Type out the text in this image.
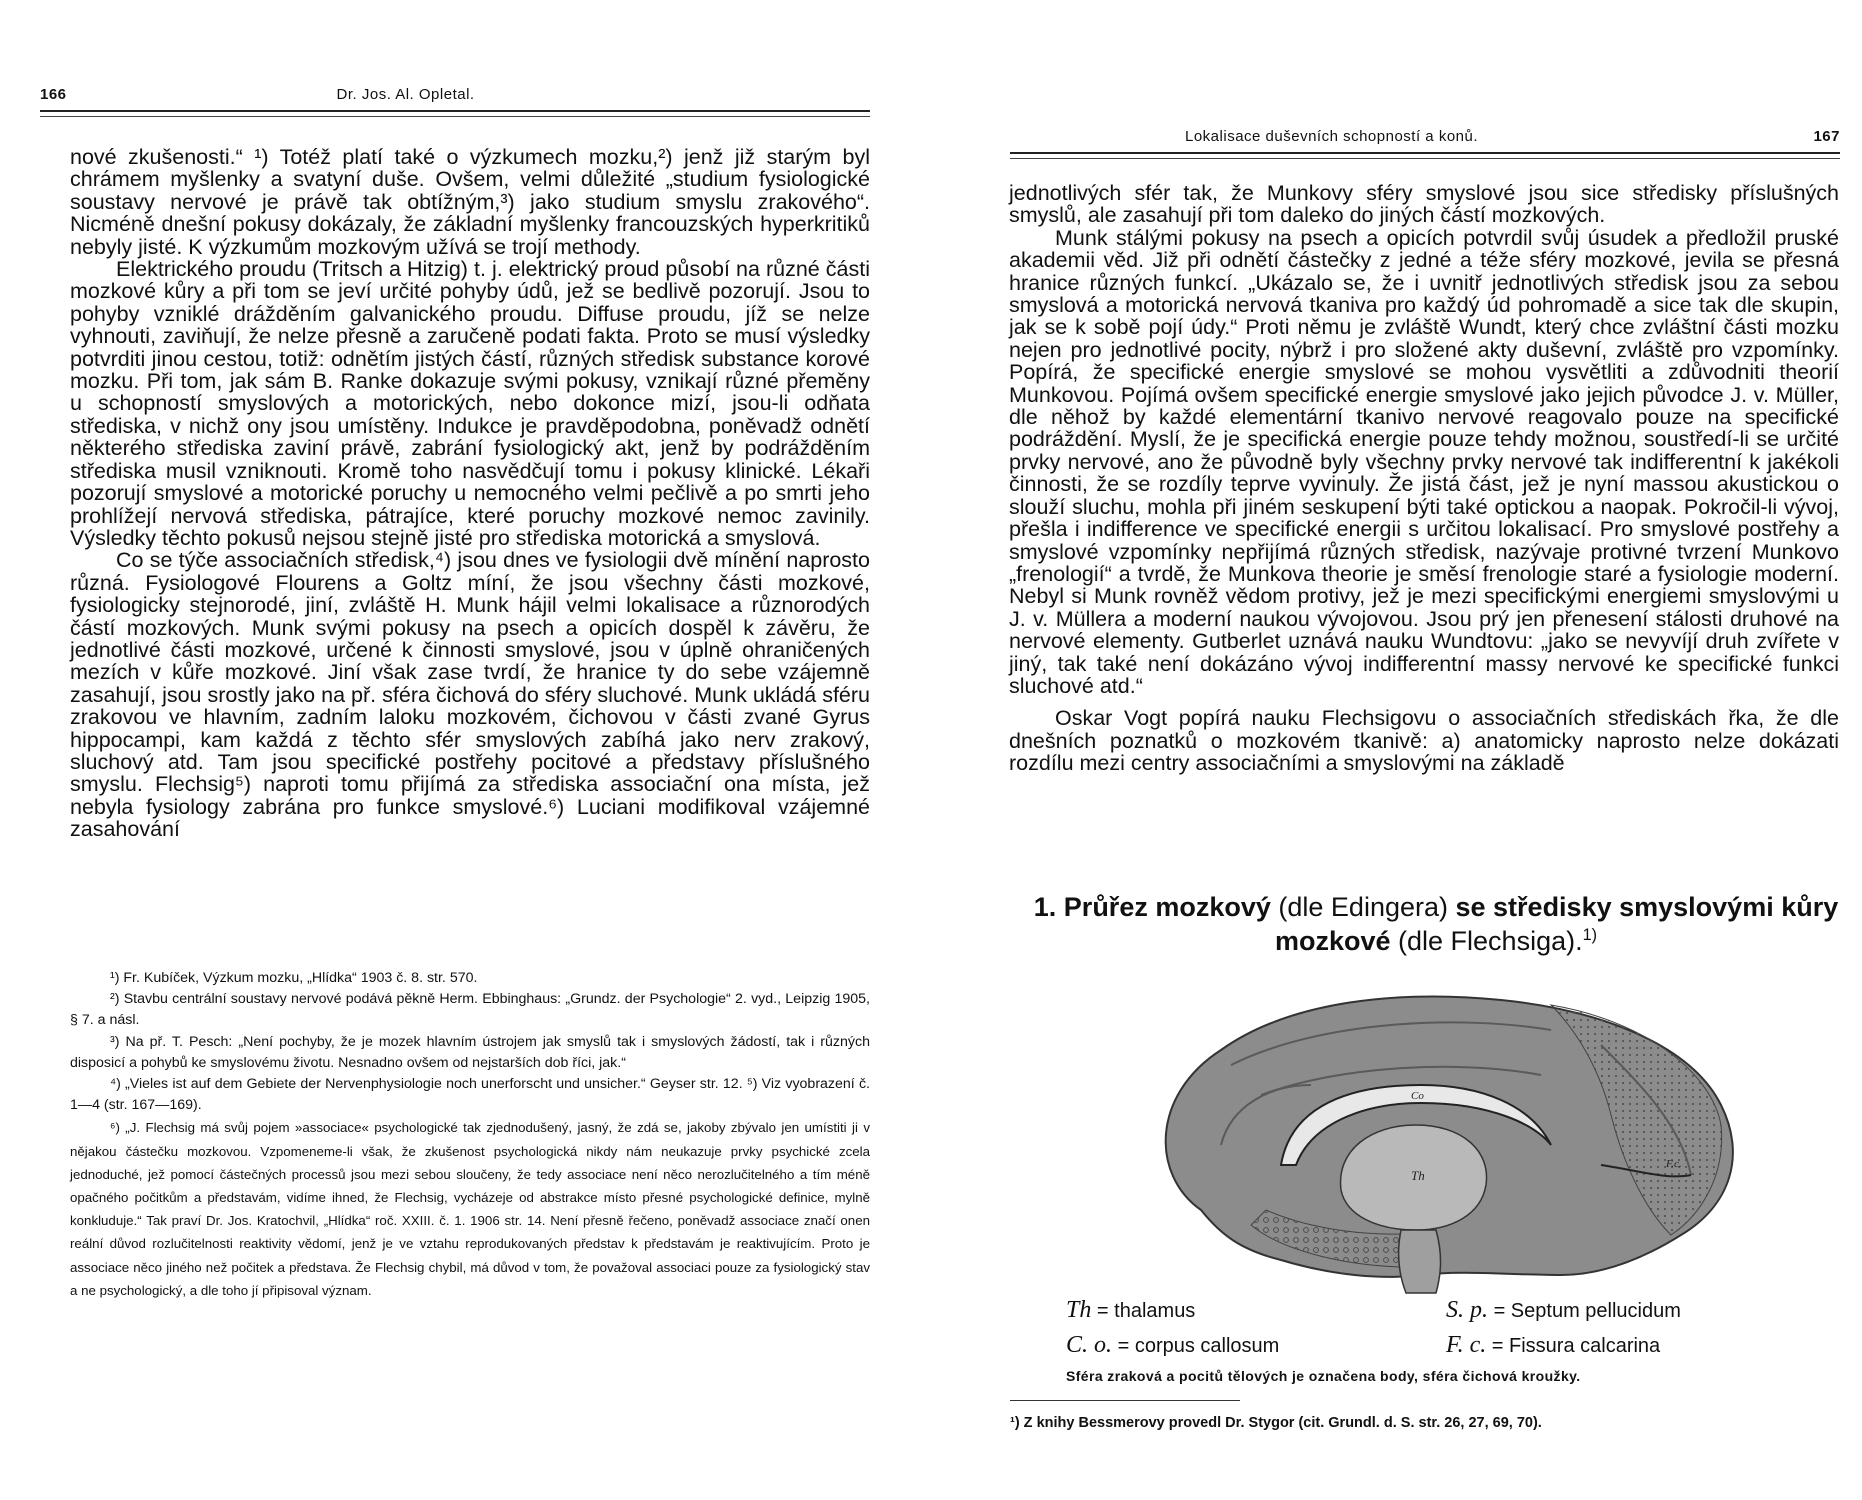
166	Dr. Jos. Al. Opletal.

nové zkušenosti.“ ¹) Totéž platí také o výzkumech mozku,²) jenž již starým byl chrámem myšlenky a svatyní duše. Ovšem, velmi důležité „studium fysiologické soustavy nervové je právě tak obtížným,³) jako studium smyslu zrakového“. Nicméně dnešní pokusy dokázaly, že základní myšlenky francouzských hyperkritiků nebyly jisté. K výzkumům mozkovým užívá se trojí methody.

Elektrického proudu (Tritsch a Hitzig) t. j. elektrický proud působí na různé části mozkové kůry a při tom se jeví určité pohyby údů, jež se bedlivě pozorují. Jsou to pohyby vzniklé drážděním galvanického proudu. Diffuse proudu, jíž se nelze vyhnouti, zaviňují, že nelze přesně a zaručeně podati fakta. Proto se musí výsledky potvrditi jinou cestou, totiž: odnětím jistých částí, různých středisk substance korové mozku. Při tom, jak sám B. Ranke dokazuje svými pokusy, vznikají různé přeměny u schopností smyslových a motorických, nebo dokonce mizí, jsou-li odňata střediska, v nichž ony jsou umístěny. Indukce je pravděpodobna, poněvadž odnětí některého střediska zaviní právě, zabrání fysiologický akt, jenž by podrážděním střediska musil vzniknouti. Kromě toho nasvědčují tomu i pokusy klinické. Lékaři pozorují smyslové a motorické poruchy u nemocného velmi pečlivě a po smrti jeho prohlížejí nervová střediska, pátrajíce, které poruchy mozkové nemoc zavinily. Výsledky těchto pokusů nejsou stejně jisté pro střediska motorická a smyslová.

Co se týče associačních středisk,⁴) jsou dnes ve fysiologii dvě mínění naprosto různá. Fysiologové Flourens a Goltz míní, že jsou všechny části mozkové, fysiologicky stejnorodé, jiní, zvláště H. Munk hájil velmi lokalisace a různorodých částí mozkových. Munk svými pokusy na psech a opicích dospěl k závěru, že jednotlivé části mozkové, určené k činnosti smyslové, jsou v úplně ohraničených mezích v kůře mozkové. Jiní však zase tvrdí, že hranice ty do sebe vzájemně zasahují, jsou srostly jako na př. sféra čichová do sféry sluchové. Munk ukládá sféru zrakovou ve hlavním, zadním laloku mozkovém, čichovou v části zvané Gyrus hippocampi, kam každá z těchto sfér smyslových zabíhá jako nerv zrakový, sluchový atd. Tam jsou specifické postřehy pocitové a představy příslušného smyslu. Flechsig⁵) naproti tomu přijímá za střediska associační ona místa, jež nebyla fysiology zabrána pro funkce smyslové.⁶) Luciani modifikoval vzájemné zasahování

¹) Fr. Kubíček, Výzkum mozku, „Hlídka“ 1903 č. 8. str. 570.

²) Stavbu centrální soustavy nervové podává pěkně Herm. Ebbinghaus: „Grundz. der Psychologie“ 2. vyd., Leipzig 1905, § 7. a násl.

³) Na př. T. Pesch: „Není pochyby, že je mozek hlavním ústrojem jak smyslů tak i smyslových žádostí, tak i různých disposicí a pohybů ke smyslovému životu. Nesnadno ovšem od nejstarších dob říci, jak.“

⁴) „Vieles ist auf dem Gebiete der Nervenphysiologie noch unerforscht und unsicher.“ Geyser str. 12. ⁵) Viz vyobrazení č. 1—4 (str. 167—169).

⁶) „J. Flechsig má svůj pojem »associace« psychologické tak zjednodušený, jasný, že zdá se, jakoby zbývalo jen umístiti ji v nějakou částečku mozkovou. Vzpomeneme-li však, že zkušenost psychologická nikdy nám neukazuje prvky psychické zcela jednoduché, jež pomocí částečných processů jsou mezi sebou sloučeny, že tedy associace není něco nerozlučitelného a tím méně opačného počitkům a představám, vidíme ihned, že Flechsig, vycházeje od abstrakce místo přesné psychologické definice, mylně konkluduje.“ Tak praví Dr. Jos. Kratochvil, „Hlídka“ roč. XXIII. č. 1. 1906 str. 14. Není přesně řečeno, poněvadž associace značí onen reální důvod rozlučitelnosti reaktivity vědomí, jenž je ve vztahu reprodukovaných představ k představám je reaktivujícím. Proto je associace něco jiného než počitek a představa. Že Flechsig chybil, má důvod v tom, že považoval associaci pouze za fysiologický stav a ne psychologický, a dle toho jí připisoval význam.

Lokalisace duševních schopností a konů.	167

jednotlivých sfér tak, že Munkovy sféry smyslové jsou sice středisky příslušných smyslů, ale zasahují při tom daleko do jiných částí mozkových.

Munk stálými pokusy na psech a opicích potvrdil svůj úsudek a předložil pruské akademii věd. Již při odnětí částečky z jedné a téže sféry mozkové, jevila se přesná hranice různých funkcí. „Ukázalo se, že i uvnitř jednotlivých středisk jsou za sebou smyslová a motorická nervová tkaniva pro každý úd pohromadě a sice tak dle skupin, jak se k sobě pojí údy.“ Proti němu je zvláště Wundt, který chce zvláštní části mozku nejen pro jednotlivé pocity, nýbrž i pro složené akty duševní, zvláště pro vzpomínky. Popírá, že specifické energie smyslové se mohou vysvětliti a zdůvodniti theorií Munkovou. Pojímá ovšem specifické energie smyslové jako jejich původce J. v. Müller, dle něhož by každé elementární tkanivo nervové reagovalo pouze na specifické podráždění. Myslí, že je specifická energie pouze tehdy možnou, soustředí-li se určité prvky nervové, ano že původně byly všechny prvky nervové tak indifferentní k jakékoli činnosti, že se rozdíly teprve vyvinuly. Že jistá část, jež je nyní massou akustickou o slouží sluchu, mohla při jiném seskupení býti také optickou a naopak. Pokročil-li vývoj, přešla i indifference ve specifické energii s určitou lokalisací. Pro smyslové postřehy a smyslové vzpomínky nepřijímá různých středisk, nazývaje protivné tvrzení Munkovo „frenologií“ a tvrdě, že Munkova theorie je směsí frenologie staré a fysiologie moderní. Nebyl si Munk rovněž vědom protivy, jež je mezi specifickými energiemi smyslovými u J. v. Müllera a moderní naukou vývojovou. Jsou prý jen přenesení stálosti druhové na nervové elementy. Gutberlet uznává nauku Wundtovu: „jako se nevyvíjí druh zvířete v jiný, tak také není dokázáno vývoj indifferentní massy nervové ke specifické funkci sluchové atd.“

Oskar Vogt popírá nauku Flechsigovu o associačních střediskách řka, že dle dnešních poznatků o mozkovém tkanivě: a) anatomicky naprosto nelze dokázati rozdílu mezi centry associačními a smyslovými na základě

1. Průřez mozkový (dle Edingera) se středisky smyslovými kůry mozkové (dle Flechsiga).$^{1)}$
Co
Th
F.c.
Th = thalamus	S. p. = Septum pellucidum
C. o. = corpus callosum	F. c. = Fissura calcarina
Sféra zraková a pocitů tělových je označena body, sféra čichová kroužky.
¹) Z knihy Bessmerovy provedl Dr. Stygor (cit. Grundl. d. S. str. 26, 27, 69, 70).
